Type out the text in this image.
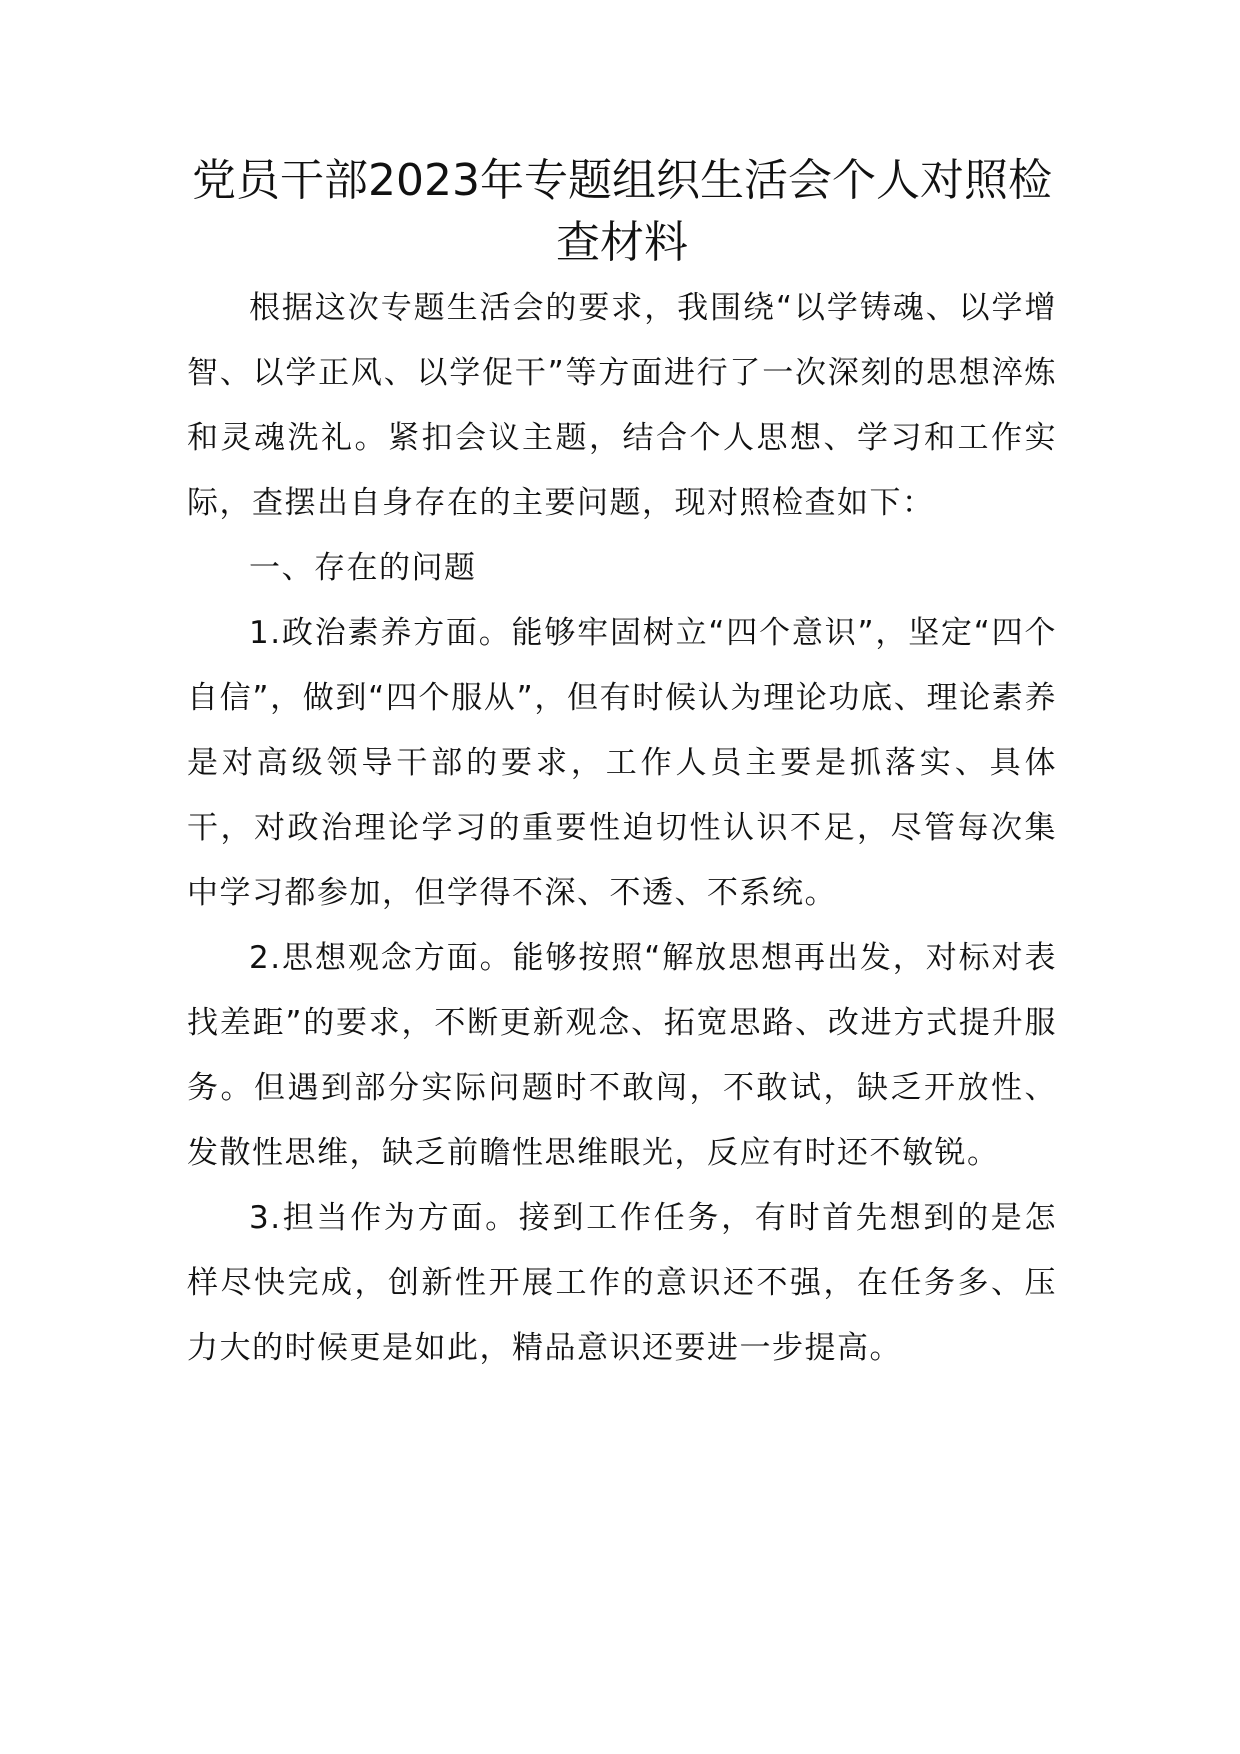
党员干部2023年专题组织生活会个人对照检查材料

根据这次专题生活会的要求，我围绕“以学铸魂、以学增智、以学正风、以学促干”等方面进行了一次深刻的思想淬炼和灵魂洗礼。紧扣会议主题，结合个人思想、学习和工作实际，查摆出自身存在的主要问题，现对照检查如下：

一、存在的问题

1.政治素养方面。能够牢固树立“四个意识”，坚定“四个自信”，做到“四个服从”，但有时候认为理论功底、理论素养是对高级领导干部的要求，工作人员主要是抓落实、具体干，对政治理论学习的重要性迫切性认识不足，尽管每次集中学习都参加，但学得不深、不透、不系统。

2.思想观念方面。能够按照“解放思想再出发，对标对表找差距”的要求，不断更新观念、拓宽思路、改进方式提升服务。但遇到部分实际问题时不敢闯，不敢试，缺乏开放性、发散性思维，缺乏前瞻性思维眼光，反应有时还不敏锐。

3.担当作为方面。接到工作任务，有时首先想到的是怎样尽快完成，创新性开展工作的意识还不强，在任务多、压力大的时候更是如此，精品意识还要进一步提高。
